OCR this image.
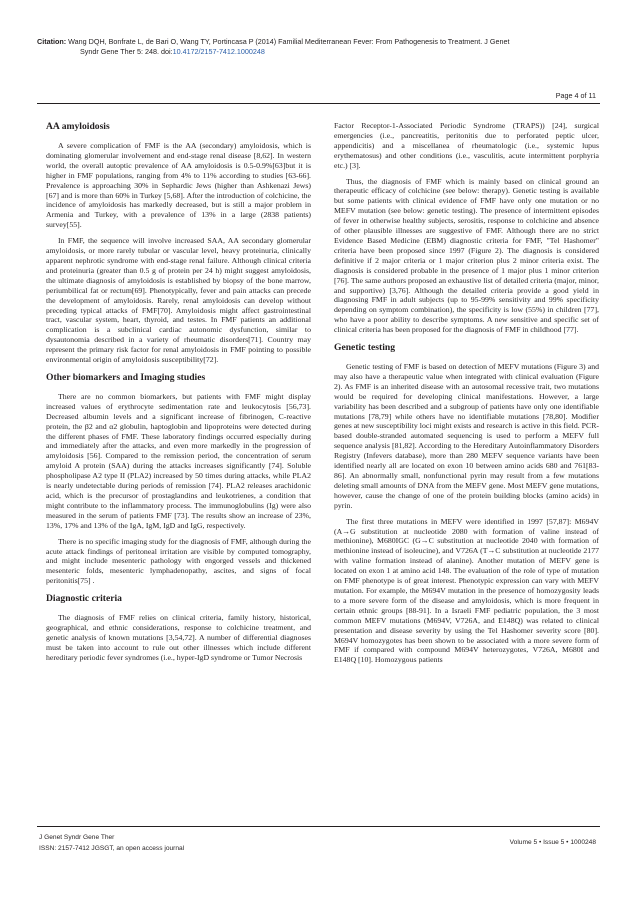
Citation: Wang DQH, Bonfrate L, de Bari O, Wang TY, Portincasa P (2014) Familial Mediterranean Fever: From Pathogenesis to Treatment. J Genet
Syndr Gene Ther 5: 248. doi:10.4172/2157-7412.1000248
Page 4 of 11
AA amyloidosis

A severe complication of FMF is the AA (secondary) amyloidosis, which is dominating glomerular involvement and end-stage renal disease [8,62]. In western world, the overall autoptic prevalence of AA amyloidosis is 0.5-0.9%[63]but it is higher in FMF populations, ranging from 4% to 11% according to studies [63-66]. Prevalence is approaching 30% in Sephardic Jews (higher than Ashkenazi Jews) [67] and is more than 60% in Turkey [5,68]. After the introduction of colchicine, the incidence of amyloidosis has markedly decreased, but is still a major problem in Armenia and Turkey, with a prevalence of 13% in a large (2838 patients) survey[55].

In FMF, the sequence will involve increased SAA, AA secondary glomerular amyloidosis, or more rarely tubular or vascular level, heavy proteinuria, clinically apparent nephrotic syndrome with end-stage renal failure. Although clinical criteria and proteinuria (greater than 0.5 g of protein per 24 h) might suggest amyloidosis, the ultimate diagnosis of amyloidosis is established by biopsy of the bone marrow, periumbilical fat or rectum[69]. Phenotypically, fever and pain attacks can precede the development of amyloidosis. Rarely, renal amyloidosis can develop without preceding typical attacks of FMF[70]. Amyloidosis might affect gastrointestinal tract, vascular system, heart, thyroid, and testes. In FMF patients an additional complication is a subclinical cardiac autonomic dysfunction, similar to dysautonomia described in a variety of rheumatic disorders[71]. Country may represent the primary risk factor for renal amyloidosis in FMF pointing to possible environmental origin of amyloidosis susceptibility[72].

Other biomarkers and Imaging studies

There are no common biomarkers, but patients with FMF might display increased values of erythrocyte sedimentation rate and leukocytosis [56,73]. Decreased albumin levels and a significant increase of fibrinogen, C-reactive protein, the β2 and α2 globulin, haptoglobin and lipoproteins were detected during the different phases of FMF. These laboratory findings occurred especially during and immediately after the attacks, and even more markedly in the progression of amyloidosis [56]. Compared to the remission period, the concentration of serum amyloid A protein (SAA) during the attacks increases significantly [74]. Soluble phospholipase A2 type II (PLA2) increased by 50 times during attacks, while PLA2 is nearly undetectable during periods of remission [74]. PLA2 releases arachidonic acid, which is the precursor of prostaglandins and leukotrienes, a condition that might contribute to the inflammatory process. The immunoglobulins (Ig) were also measured in the serum of patients FMF [73]. The results show an increase of 23%, 13%, 17% and 13% of the IgA, IgM, IgD and IgG, respectively.

There is no specific imaging study for the diagnosis of FMF, although during the acute attack findings of peritoneal irritation are visible by computed tomography, and might include mesenteric pathology with engorged vessels and thickened mesenteric folds, mesenteric lymphadenopathy, ascites, and signs of focal peritonitis[75] .

Diagnostic criteria

The diagnosis of FMF relies on clinical criteria, family history, historical, geographical, and ethnic considerations, response to colchicine treatment, and genetic analysis of known mutations [3,54,72]. A number of differential diagnoses must be taken into account to rule out other illnesses which include different hereditary periodic fever syndromes (i.e., hyper-IgD syndrome or Tumor Necrosis

Factor Receptor-1-Associated Periodic Syndrome (TRAPS)) [24], surgical emergencies (i.e., pancreatitis, peritonitis due to perforated peptic ulcer, appendicitis) and a miscellanea of rheumatologic (i.e., systemic lupus erythematosus) and other conditions (i.e., vasculitis, acute intermittent porphyria etc.) [3].

Thus, the diagnosis of FMF which is mainly based on clinical ground an therapeutic efficacy of colchicine (see below: therapy). Genetic testing is available but some patients with clinical evidence of FMF have only one mutation or no MEFV mutation (see below: genetic testing). The presence of intermittent episodes of fever in otherwise healthy subjects, serositis, response to colchicine and absence of other plausible illnesses are suggestive of FMF. Although there are no strict Evidence Based Medicine (EBM) diagnostic criteria for FMF, "Tel Hashomer" criteria have been proposed since 1997 (Figure 2). The diagnosis is considered definitive if 2 major criteria or 1 major criterion plus 2 minor criteria exist. The diagnosis is considered probable in the presence of 1 major plus 1 minor criterion [76]. The same authors proposed an exhaustive list of detailed criteria (major, minor, and supportive) [3,76]. Although the detailed criteria provide a good yield in diagnosing FMF in adult subjects (up to 95-99% sensitivity and 99% specificity depending on symptom combination), the specificity is low (55%) in children [77], who have a poor ability to describe symptoms. A new sensitive and specific set of clinical criteria has been proposed for the diagnosis of FMF in childhood [77].

Genetic testing

Genetic testing of FMF is based on detection of MEFV mutations (Figure 3) and may also have a therapeutic value when integrated with clinical evaluation (Figure 2). As FMF is an inherited disease with an autosomal recessive trait, two mutations would be required for developing clinical manifestations. However, a large variability has been described and a subgroup of patients have only one identifiable mutations [78,79] while others have no identifiable mutations [78,80]. Modifier genes at new susceptibility loci might exists and research is active in this field. PCR-based double-stranded automated sequencing is used to perform a MEFV full sequence analysis [81,82]. According to the Hereditary Autoinflammatory Disorders Registry (Infevers database), more than 280 MEFV sequence variants have been identified nearly all are located on exon 10 between amino acids 680 and 761[83-86]. An abnormally small, nonfunctional pyrin may result from a few mutations deleting small amounts of DNA from the MEFV gene. Most MEFV gene mutations, however, cause the change of one of the protein building blocks (amino acids) in pyrin.

The first three mutations in MEFV were identified in 1997 [57,87]: M694V (A→G substitution at nucleotide 2080 with formation of valine instead of methionine), M680IGC (G→C substitution at nucleotide 2040 with formation of methionine instead of isoleucine), and V726A (T→C substitution at nucleotide 2177 with valine formation instead of alanine). Another mutation of MEFV gene is located on exon 1 at amino acid 148. The evaluation of the role of type of mutation on FMF phenotype is of great interest. Phenotypic expression can vary with MEFV mutation. For example, the M694V mutation in the presence of homozygosity leads to a more severe form of the disease and amyloidosis, which is more frequent in certain ethnic groups [88-91]. In a Israeli FMF pediatric population, the 3 most common MEFV mutations (M694V, V726A, and E148Q) was related to clinical presentation and disease severity by using the Tel Hashomer severity score [80]. M694V homozygotes has been shown to be associated with a more severe form of FMF if compared with compound M694V heterozygotes, V726A, M680I and E148Q [10]. Homozygous patients

J Genet Syndr Gene Ther
ISSN: 2157-7412 JGSGT, an open access journal
Volume 5 • Issue 5 • 1000248
